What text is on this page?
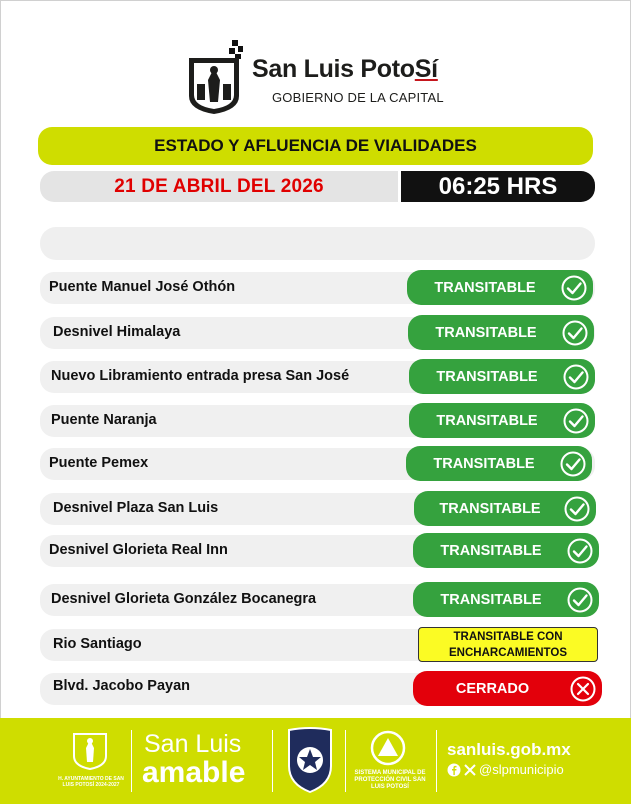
San Luis PotoSí
GOBIERNO DE LA CAPITAL
ESTADO Y AFLUENCIA DE VIALIDADES
21 DE ABRIL DEL 2026	06:25 HRS
Puente Manuel José Othón	TRANSITABLE
Desnivel Himalaya	TRANSITABLE
Nuevo Libramiento entrada presa San José	TRANSITABLE
Puente Naranja	TRANSITABLE
Puente Pemex	TRANSITABLE
Desnivel Plaza San Luis	TRANSITABLE
Desnivel Glorieta Real Inn	TRANSITABLE
Desnivel Glorieta González Bocanegra	TRANSITABLE
Rio Santiago	TRANSITABLE CON ENCHARCAMIENTOS
Blvd. Jacobo Payan	CERRADO
H. AYUNTAMIENTO DE SAN LUIS POTOSÍ 2024-2027
San Luis
amable	SISTEMA MUNICIPAL DE PROTECCIÓN CIVIL SAN LUIS POTOSÍ
sanluis.gob.mx
@slpmunicipio
